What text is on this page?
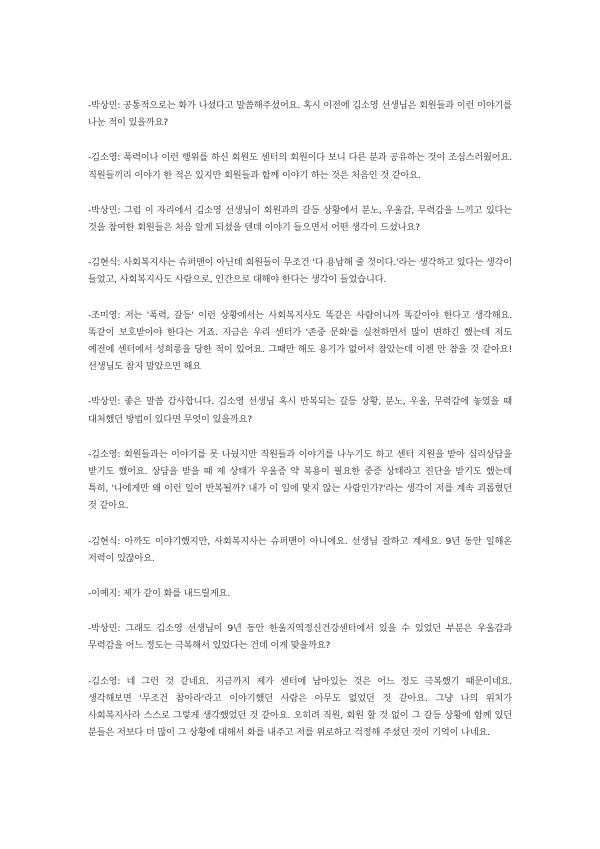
-박상민: 공통적으로는 화가 나셨다고 말씀해주셨어요. 혹시 이전에 김소영 선생님은 회원들과 이런 이야기를 나눈 적이 있을까요?

-김소영: 폭력이나 이런 행위를 하신 회원도 센터의 회원이다 보니 다른 분과 공유하는 것이 조심스러웠어요. 직원들끼리 이야기 한 적은 있지만 회원들과 함께 이야기 하는 것은 처음인 것 같아요.

-박상민: 그럼 이 자리에서 김소영 선생님이 회원과의 갈등 상황에서 분노, 우울감, 무력감을 느끼고 있다는 것을 참여한 회원들은 처음 알게 되셨을 텐데 이야기 들으면서 어떤 생각이 드셨나요?

-김현식: 사회복지사는 슈퍼맨이 아닌데 회원들이 무조건 '다 용납해 줄 것이다.'라는 생각하고 있다는 생각이 들었고, 사회복지사도 사람으로, 인간으로 대해야 한다는 생각이 들었습니다.

-조미영: 저는 '폭력, 갈등' 이런 상황에서는 사회복지사도 똑같은 사람이니까 똑같아야 한다고 생각해요. 똑같이 보호받아야 한다는 거죠. 지금은 우리 센터가 '존중 문화'를 실천하면서 많이 변하긴 했는데 저도 예전에 센터에서 성희롱을 당한 적이 있어요. 그때만 해도 용기가 없어서 참았는데 이젠 안 참을 것 같아요! 선생님도 참지 말았으면 해요

-박상민: 좋은 말씀 감사합니다. 김소영 선생님 혹시 반복되는 갈등 상황, 분노, 우울, 무력감에 놓였을 때 대처했던 방법이 있다면 무엇이 있을까요?

-김소영: 회원들과는 이야기를 못 나눴지만 직원들과 이야기를 나누기도 하고 센터 지원을 받아 심리상담을 받기도 했어요. 상담을 받을 때 제 상태가 우울증 약 복용이 필요한 중증 상태라고 진단을 받기도 했는데 특히, '나에게만 왜 이런 일이 반복될까? 내가 이 일에 맞지 않는 사람인가?'라는 생각이 저를 계속 괴롭혔던 것 같아요.

-김현식: 아까도 이야기했지만, 사회복지사는 슈퍼맨이 아니에요. 선생님 잘하고 계세요. 9년 동안 일해온 저력이 있잖아요.

-이예지: 제가 같이 화를 내드릴게요.

-박상민: 그래도 김소영 선생님이 9년 동안 한울지역정신건강센터에서 있을 수 있었던 부분은 우울감과 무력감을 어느 정도는 극복해서 있었다는 건데 이게 맞을까요?

-김소영: 네 그런 것 같네요. 지금까지 제가 센터에 남아있는 것은 어느 정도 극복했기 때문이네요. 생각해보면 '무조건 참아라'라고 이야기했던 사람은 아무도 없었던 것 같아요. 그냥 나의 위치가 사회복지사라 스스로 그렇게 생각했었던 것 같아요. 오히려 직원, 회원 할 것 없이 그 갈등 상황에 함께 있던 분들은 저보다 더 많이 그 상황에 대해서 화를 내주고 저를 위로하고 걱정해 주셨던 것이 기억이 나네요.
